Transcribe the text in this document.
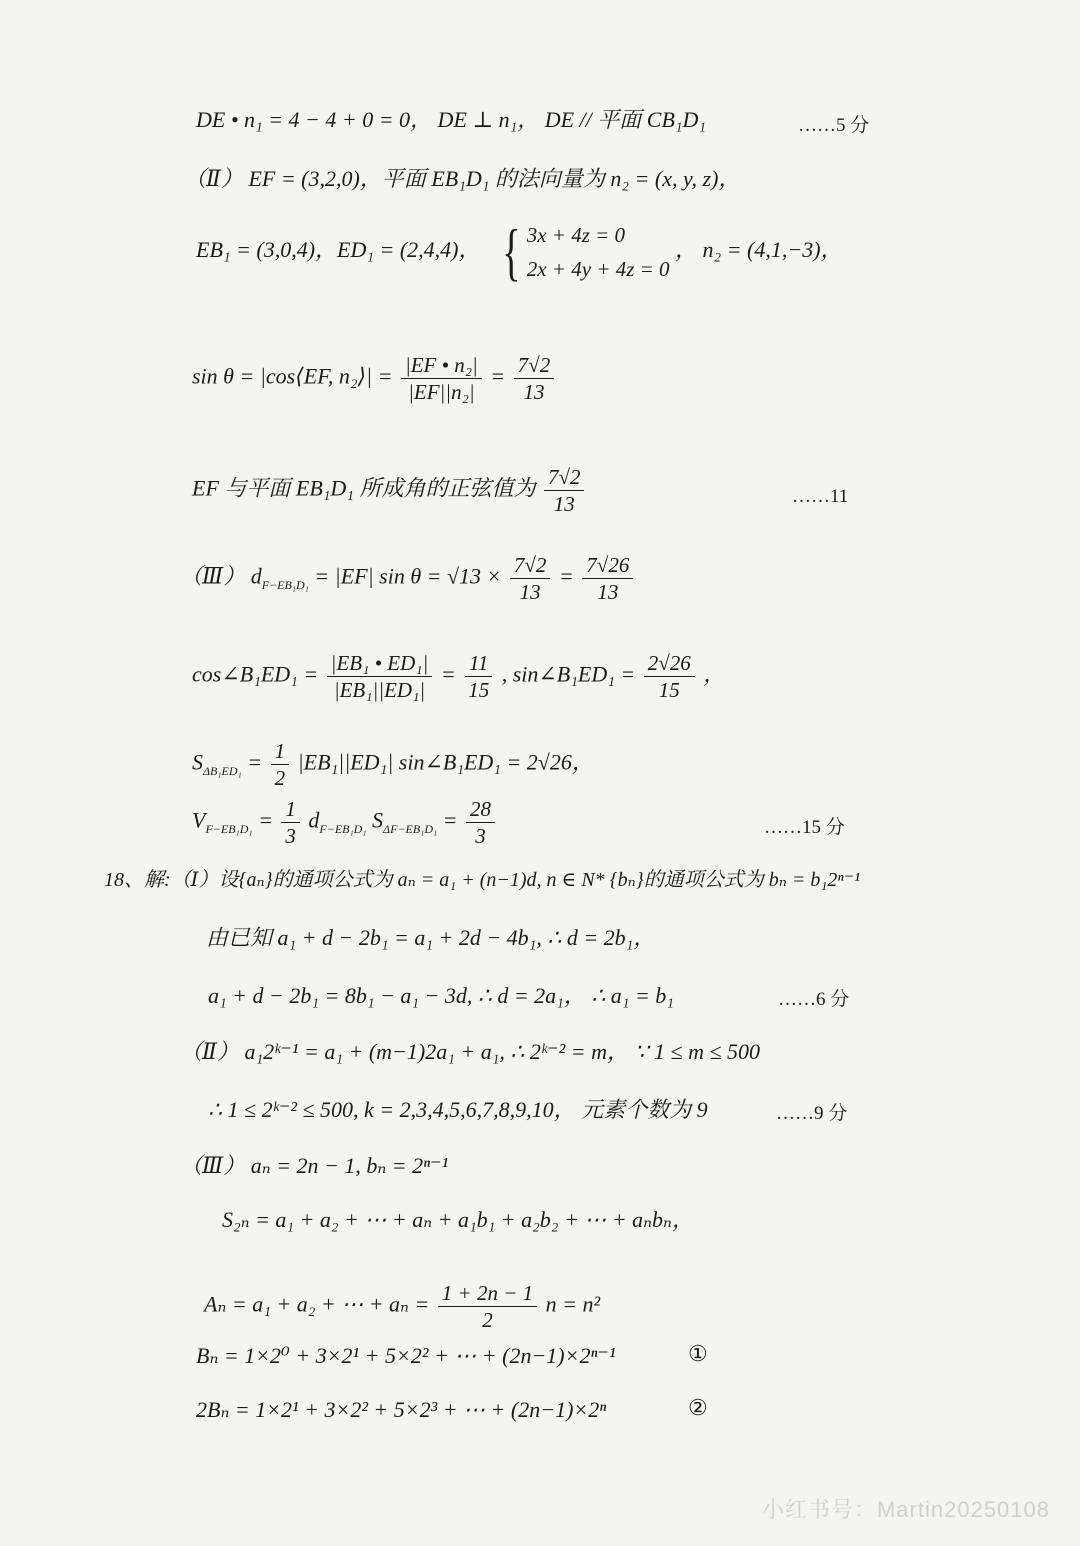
DE • n₁ = 4 − 4 + 0 = 0， DE ⊥ n₁， DE // 平面 CB₁D₁	……5 分
（Ⅱ） EF = (3,2,0)，平面 EB₁D₁ 的法向量为 n₂ = (x, y, z)，
EB₁ = (3,0,4)，ED₁ = (2,4,4)， { 3x + 4z = 0
2x + 4y + 4z = 0
， n₂ = (4,1,−3)，
sin θ = |cos⟨EF, n₂⟩| = $\frac{\text{|EF • n₂|}}{\text{|EF||n₂|}} = \frac{7√2}{13}$
EF 与平面 EB₁D₁ 所成角的正弦值为 $\frac{7√2}{13}$	……11
（Ⅲ） $d_{F-EB_1D_1} = |EF|$ $\sin \theta = √13 \times \frac{7√2}{13} = \frac{7√26}{13}$
cos∠B₁ED₁ = $\frac{\text{|EB₁ • ED₁|}}{\text{|EB₁||ED₁|}} = \frac{11}{15}$ , sin∠B₁ED₁ = $\frac{2√26}{15}$ ，
$S_{\Delta B_1ED_1} = \frac{1}{2} |EB_1||ED_1|$ sin∠B₁ED₁ = 2√26，
$V_{F-EB_1D_1} = \frac{1}{3} d_{F-EB_1D_1}$ $S_{\Delta F-EB_1D_1} = \frac{28}{3}$	……15 分
18、解:（Ⅰ）设{aₙ}的通项公式为 aₙ = a₁ + (n−1)d, n ∈ N* {bₙ}的通项公式为 bₙ = b₁2ⁿ⁻¹
由已知 a₁ + d − 2b₁ = a₁ + 2d − 4b₁, ∴ d = 2b₁，
a₁ + d − 2b₁ = 8b₁ − a₁ − 3d, ∴ d = 2a₁， ∴ a₁ = b₁	……6 分
（Ⅱ） a₁2ᵏ⁻¹ = a₁ + (m−1)2a₁ + a₁, ∴ 2ᵏ⁻² = m， ∵ 1 ≤ m ≤ 500
∴ 1 ≤ 2ᵏ⁻² ≤ 500, k = 2,3,4,5,6,7,8,9,10， 元素个数为 9	……9 分
（Ⅲ） aₙ = 2n − 1, bₙ = 2ⁿ⁻¹
S₂ₙ = a₁ + a₂ + ⋯ + aₙ + a₁b₁ + a₂b₂ + ⋯ + aₙbₙ，
Aₙ = a₁ + a₂ + ⋯ + $a_n = \frac{1 + 2n - 1}{2}$ n = n²
Bₙ = 1×2⁰ + 3×2¹ + 5×2² + ⋯ + (2n−1)×2ⁿ⁻¹	①
2Bₙ = 1×2¹ + 3×2² + 5×2³ + ⋯ + (2n−1)×2ⁿ	②
小红书号：Martin20250108
